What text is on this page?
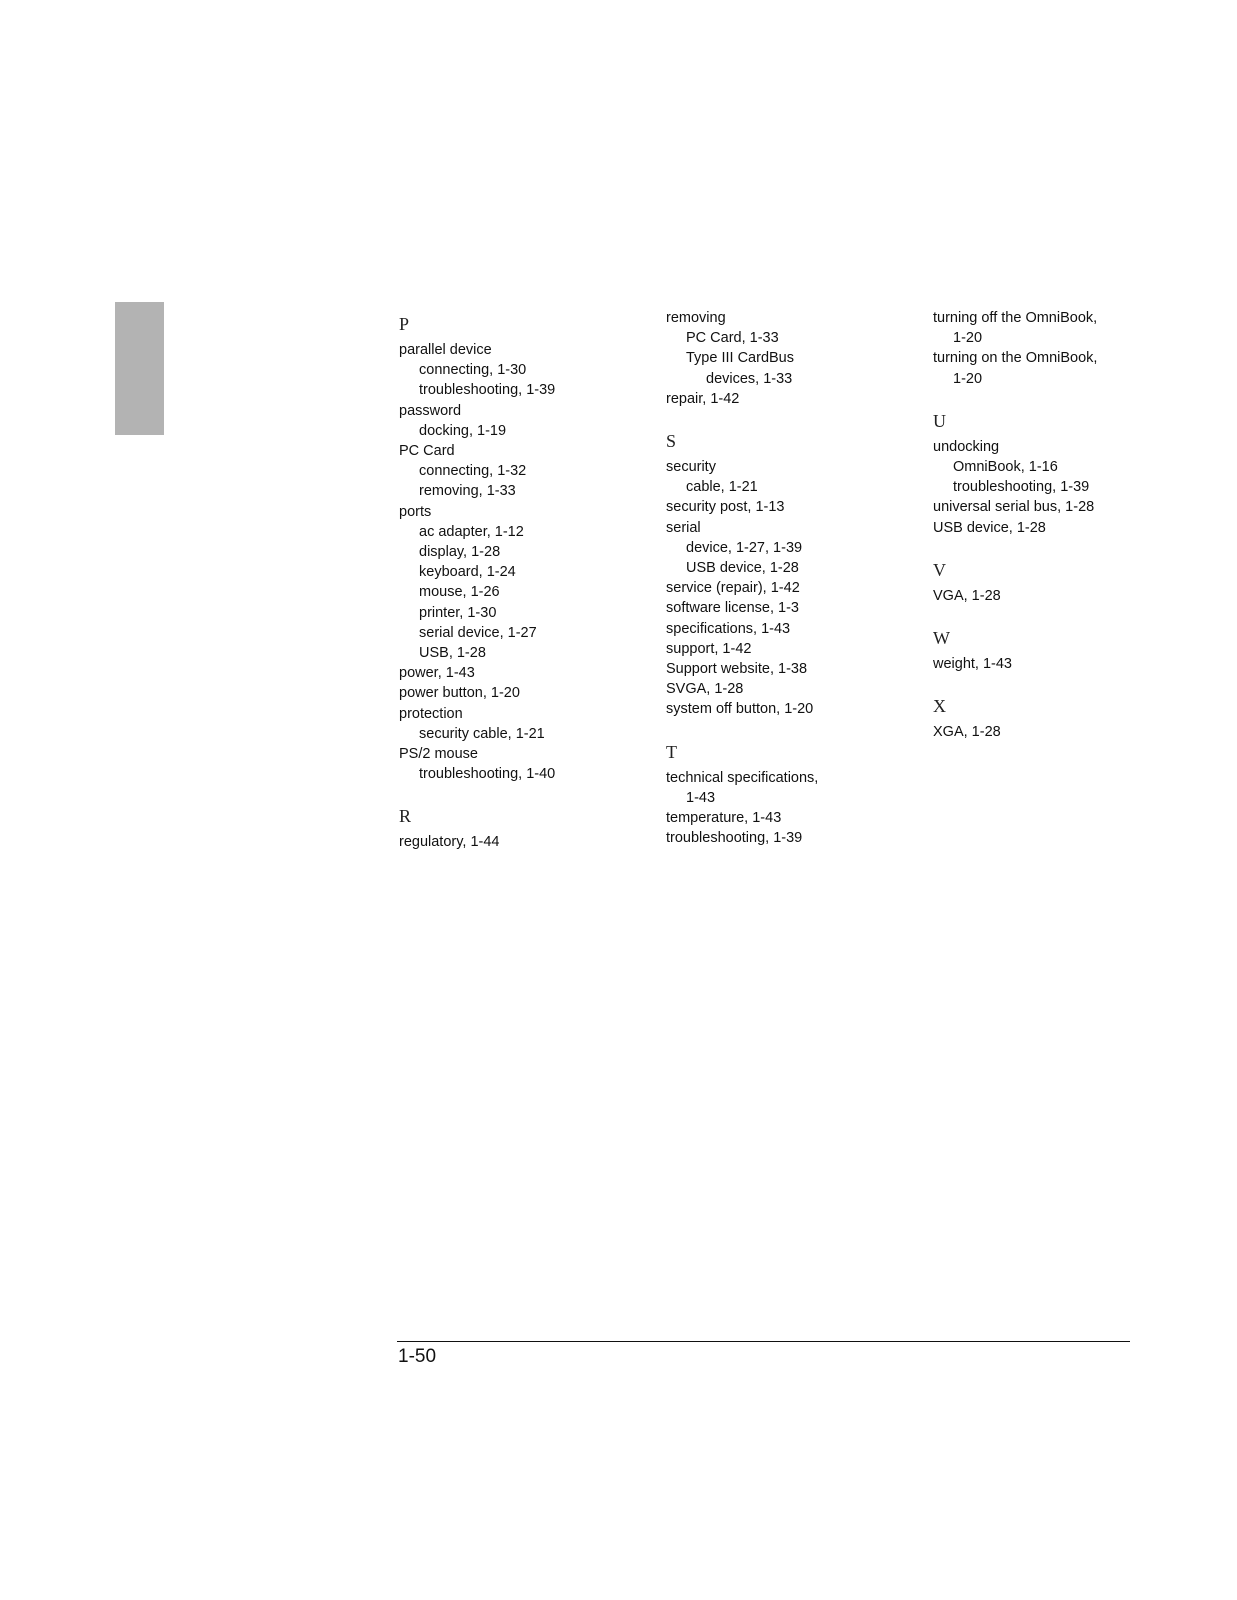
P
parallel device
connecting, 1-30
troubleshooting, 1-39
password
docking, 1-19
PC Card
connecting, 1-32
removing, 1-33
ports
ac adapter, 1-12
display, 1-28
keyboard, 1-24
mouse, 1-26
printer, 1-30
serial device, 1-27
USB, 1-28
power, 1-43
power button, 1-20
protection
security cable, 1-21
PS/2 mouse
troubleshooting, 1-40
R
regulatory, 1-44
removing
PC Card, 1-33
Type III CardBus
devices, 1-33
repair, 1-42
S
security
cable, 1-21
security post, 1-13
serial
device, 1-27, 1-39
USB device, 1-28
service (repair), 1-42
software license, 1-3
specifications, 1-43
support, 1-42
Support website, 1-38
SVGA, 1-28
system off button, 1-20
T
technical specifications,
1-43
temperature, 1-43
troubleshooting, 1-39
turning off the OmniBook,
1-20
turning on the OmniBook,
1-20
U
undocking
OmniBook, 1-16
troubleshooting, 1-39
universal serial bus, 1-28
USB device, 1-28
V
VGA, 1-28
W
weight, 1-43
X
XGA, 1-28
1-50
